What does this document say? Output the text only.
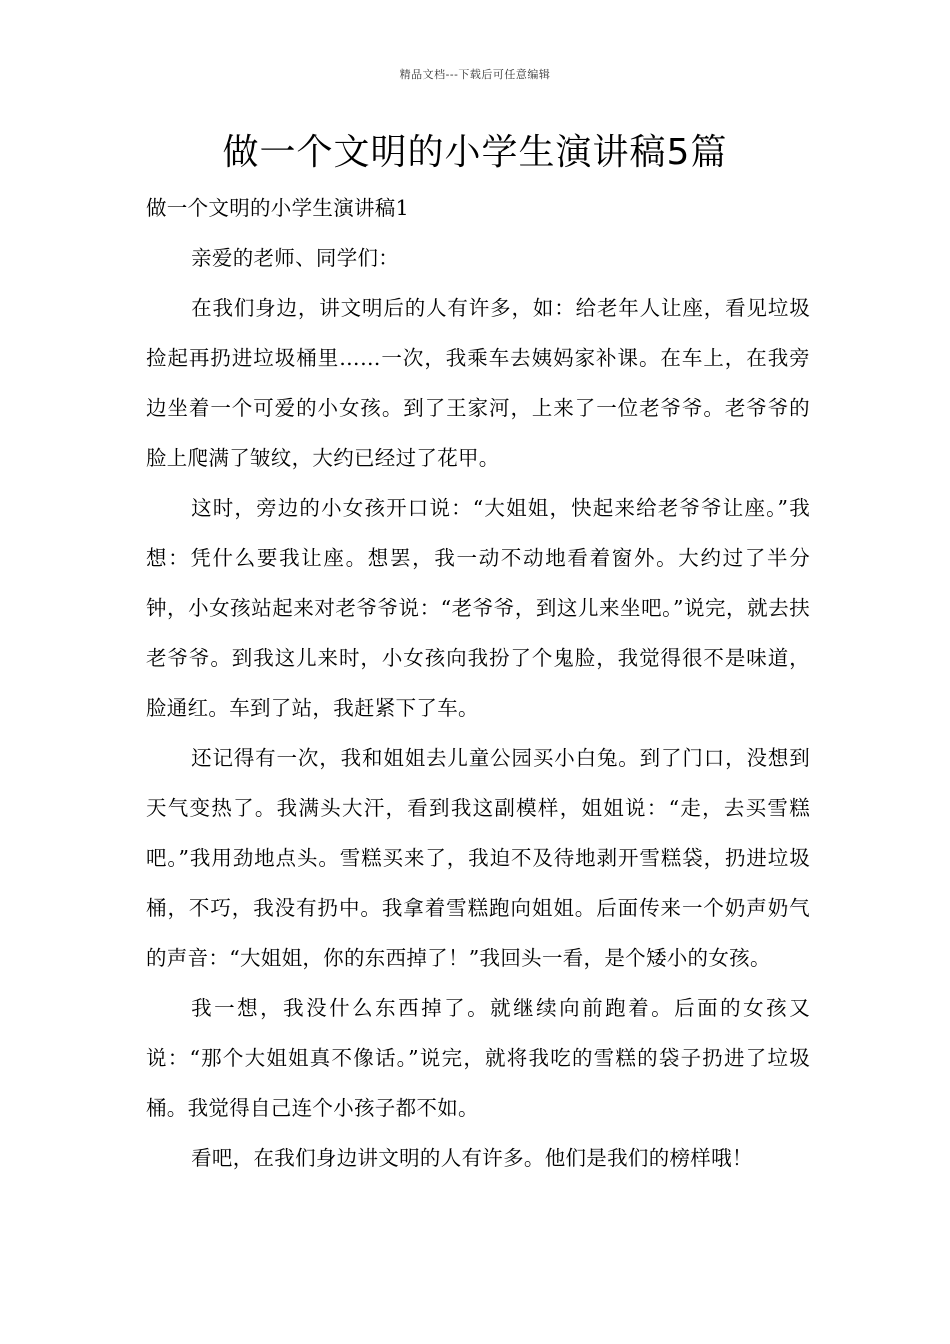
精品文档---下载后可任意编辑
做一个文明的小学生演讲稿5篇

做一个文明的小学生演讲稿1

亲爱的老师、同学们：

在我们身边，讲文明后的人有许多，如：给老年人让座，看见垃圾捡起再扔进垃圾桶里……一次，我乘车去姨妈家补课。在车上，在我旁边坐着一个可爱的小女孩。到了王家河，上来了一位老爷爷。老爷爷的脸上爬满了皱纹，大约已经过了花甲。

这时，旁边的小女孩开口说：“大姐姐，快起来给老爷爷让座。”我想：凭什么要我让座。想罢，我一动不动地看着窗外。大约过了半分钟，小女孩站起来对老爷爷说：“老爷爷，到这儿来坐吧。”说完，就去扶老爷爷。到我这儿来时，小女孩向我扮了个鬼脸，我觉得很不是味道，脸通红。车到了站，我赶紧下了车。

还记得有一次，我和姐姐去儿童公园买小白兔。到了门口，没想到天气变热了。我满头大汗，看到我这副模样，姐姐说：“走，去买雪糕吧。”我用劲地点头。雪糕买来了，我迫不及待地剥开雪糕袋，扔进垃圾桶，不巧，我没有扔中。我拿着雪糕跑向姐姐。后面传来一个奶声奶气的声音：“大姐姐，你的东西掉了！”我回头一看，是个矮小的女孩。

我一想，我没什么东西掉了。就继续向前跑着。后面的女孩又说：“那个大姐姐真不像话。”说完，就将我吃的雪糕的袋子扔进了垃圾桶。我觉得自己连个小孩子都不如。

看吧，在我们身边讲文明的人有许多。他们是我们的榜样哦！
